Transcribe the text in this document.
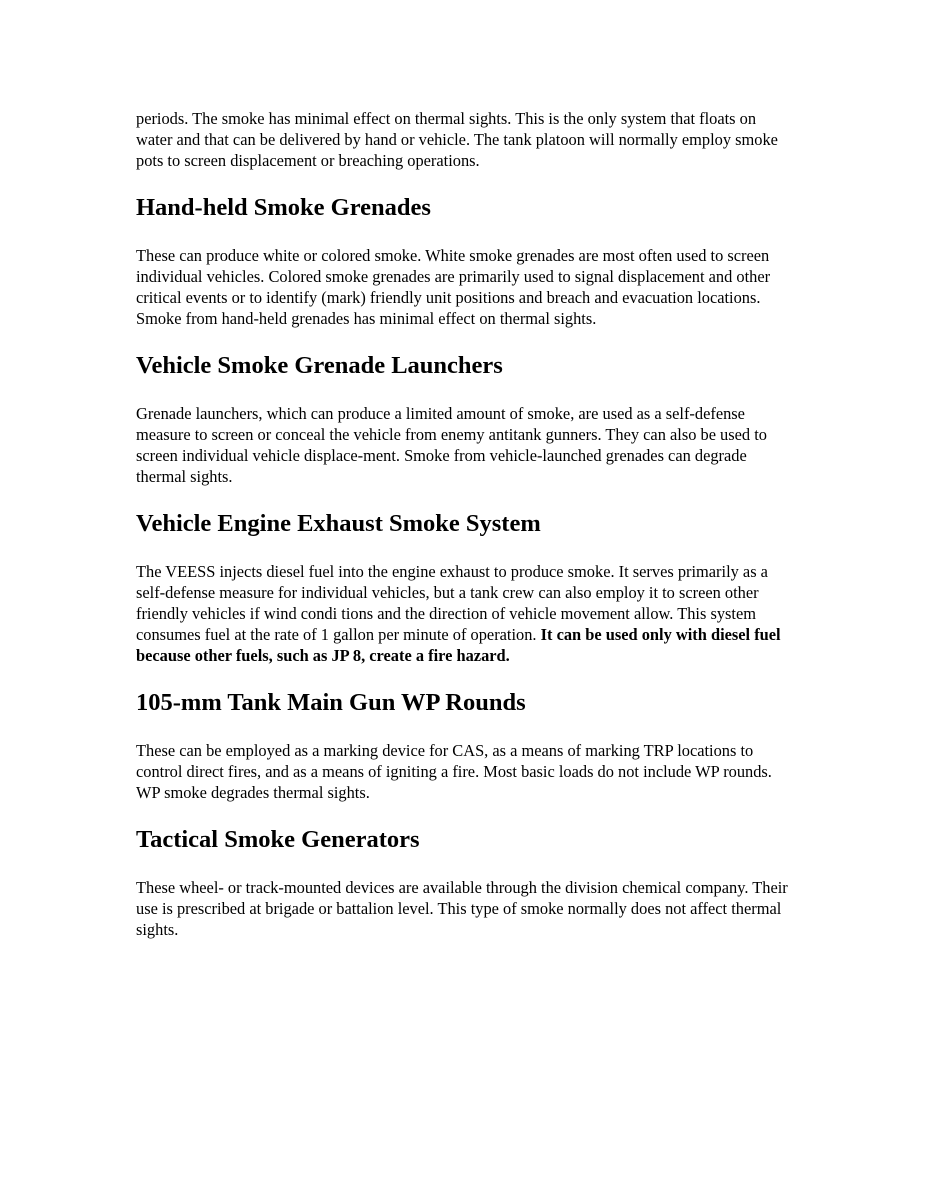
periods. The smoke has minimal effect on thermal sights. This is the only system that floats on water and that can be delivered by hand or vehicle. The tank platoon will normally employ smoke pots to screen displacement or breaching operations.

Hand-held Smoke Grenades

These can produce white or colored smoke. White smoke grenades are most often used to screen individual vehicles. Colored smoke grenades are primarily used to signal displacement and other critical events or to identify (mark) friendly unit positions and breach and evacuation locations. Smoke from hand-held grenades has minimal effect on thermal sights.

Vehicle Smoke Grenade Launchers

Grenade launchers, which can produce a limited amount of smoke, are used as a self-defense measure to screen or conceal the vehicle from enemy antitank gunners. They can also be used to screen individual vehicle displace-ment. Smoke from vehicle-launched grenades can degrade thermal sights.

Vehicle Engine Exhaust Smoke System

The VEESS injects diesel fuel into the engine exhaust to produce smoke. It serves primarily as a self-defense measure for individual vehicles, but a tank crew can also employ it to screen other friendly vehicles if wind condi tions and the direction of vehicle movement allow. This system consumes fuel at the rate of 1 gallon per minute of operation. It can be used only with diesel fuel because other fuels, such as JP 8, create a fire hazard.

105-mm Tank Main Gun WP Rounds

These can be employed as a marking device for CAS, as a means of marking TRP locations to control direct fires, and as a means of igniting a fire. Most basic loads do not include WP rounds. WP smoke degrades thermal sights.

Tactical Smoke Generators

These wheel- or track-mounted devices are available through the division chemical company. Their use is prescribed at brigade or battalion level. This type of smoke normally does not affect thermal sights.
